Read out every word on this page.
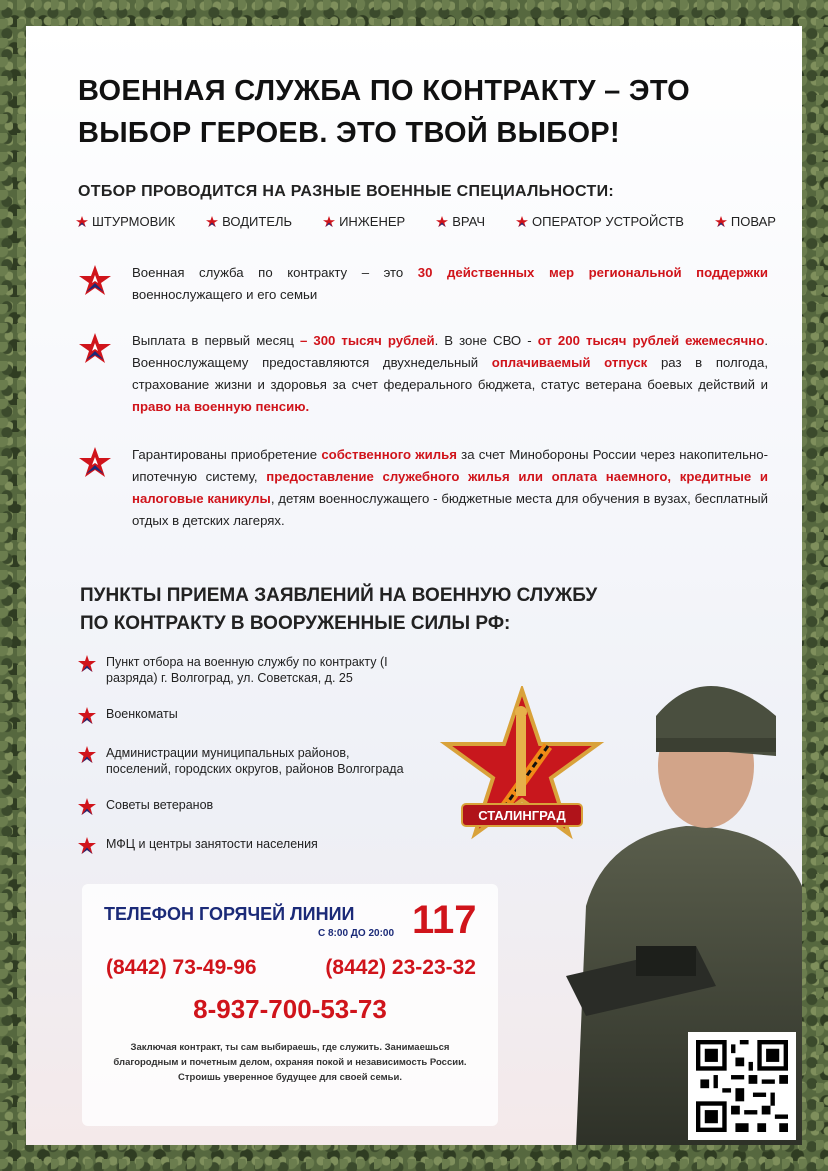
ВОЕННАЯ СЛУЖБА ПО КОНТРАКТУ – ЭТО
ВЫБОР ГЕРОЕВ. ЭТО ТВОЙ ВЫБОР!
ОТБОР ПРОВОДИТСЯ НА РАЗНЫЕ ВОЕННЫЕ СПЕЦИАЛЬНОСТИ:
ШТУРМОВИК	ВОДИТЕЛЬ	ИНЖЕНЕР	ВРАЧ	ОПЕРАТОР УСТРОЙСТВ	ПОВАР
Военная служба по контракту – это 30 действенных мер региональной поддержки военнослужащего и его семьи
Выплата в первый месяц – 300 тысяч рублей. В зоне СВО - от 200 тысяч рублей ежемесячно. Военнослужащему предоставляются двухнедельный оплачиваемый отпуск раз в полгода, страхование жизни и здоровья за счет федерального бюджета, статус ветерана боевых действий и право на военную пенсию.
Гарантированы приобретение собственного жилья за счет Минобороны России через накопительно-ипотечную систему, предоставление служебного жилья или оплата наемного, кредитные и налоговые каникулы, детям военнослужащего - бюджетные места для обучения в вузах, бесплатный отдых в детских лагерях.
ПУНКТЫ ПРИЕМА ЗАЯВЛЕНИЙ НА ВОЕННУЮ СЛУЖБУ
ПО КОНТРАКТУ В ВООРУЖЕННЫЕ СИЛЫ РФ:
Пункт отбора на военную службу по контракту (I разряда) г. Волгоград, ул. Советская, д. 25
Военкоматы
Администрации муниципальных районов, поселений, городских округов, районов Волгограда
Советы ветеранов
МФЦ и центры занятости населения
СТАЛИНГРАД
ТЕЛЕФОН ГОРЯЧЕЙ ЛИНИИ
С 8:00 ДО 20:00 117
(8442) 73-49-96	(8442) 23-23-32
8-937-700-53-73
Заключая контракт, ты сам выбираешь, где служить. Занимаешься благородным и почетным делом, охраняя покой и независимость России. Строишь уверенное будущее для своей семьи.
